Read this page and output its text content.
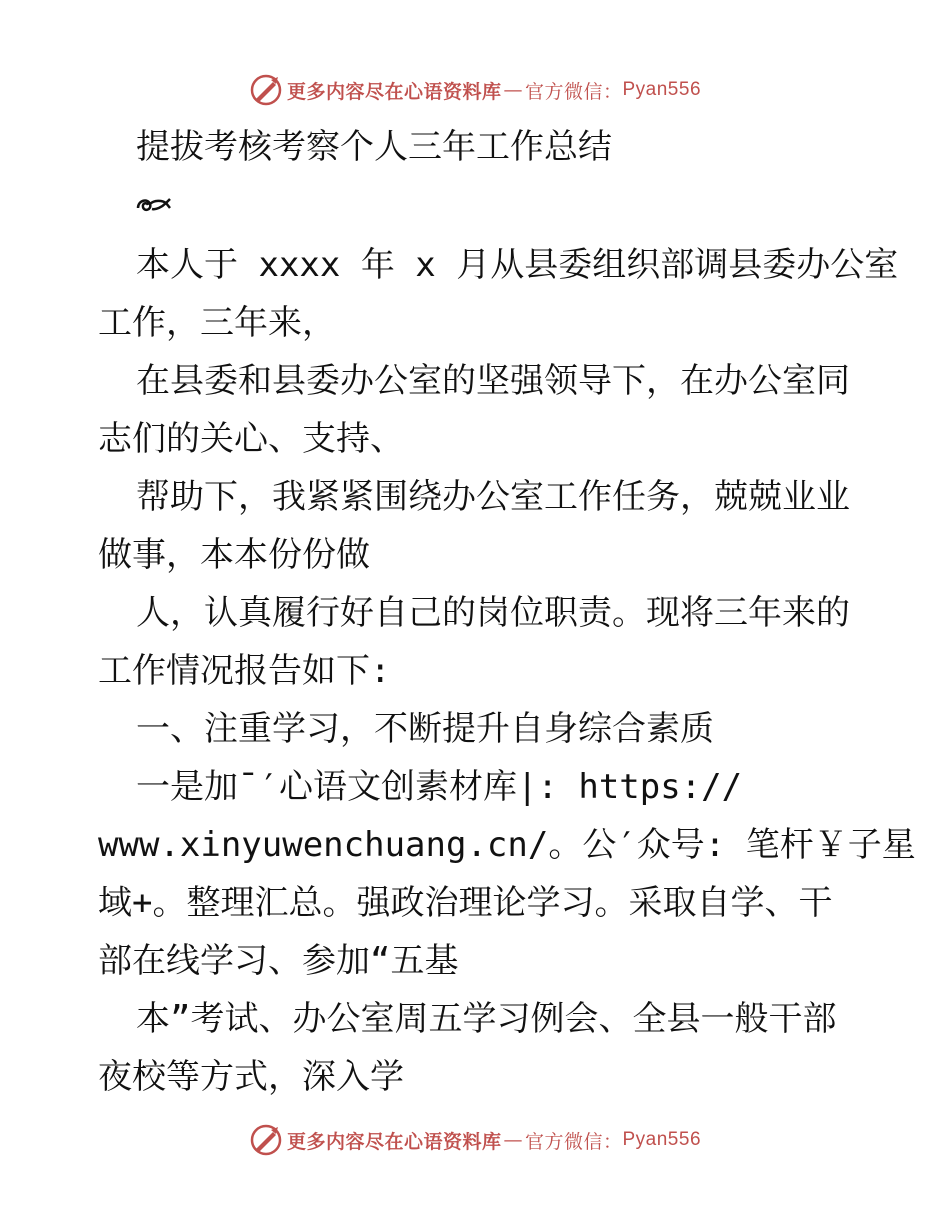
更多内容尽在心语资料库 — 官方微信： Pyan556
提拔考核考察个人三年工作总结
本人于 xxxx 年 x 月从县委组织部调县委办公室
工作，三年来，
在县委和县委办公室的坚强领导下，在办公室同
志们的关心、支持、
帮助下，我紧紧围绕办公室工作任务，兢兢业业
做事，本本份份做
人，认真履行好自己的岗位职责。现将三年来的
工作情况报告如下:
一、注重学习，不断提升自身综合素质
一是加¯′心语文创素材库|: https://
www.xinyuwenchuang.cn/。公′众号: 笔杆￥子星
域+。整理汇总。强政治理论学习。采取自学、干
部在线学习、参加“五基
本”考试、办公室周五学习例会、全县一般干部
夜校等方式，深入学
更多内容尽在心语资料库 — 官方微信： Pyan556
